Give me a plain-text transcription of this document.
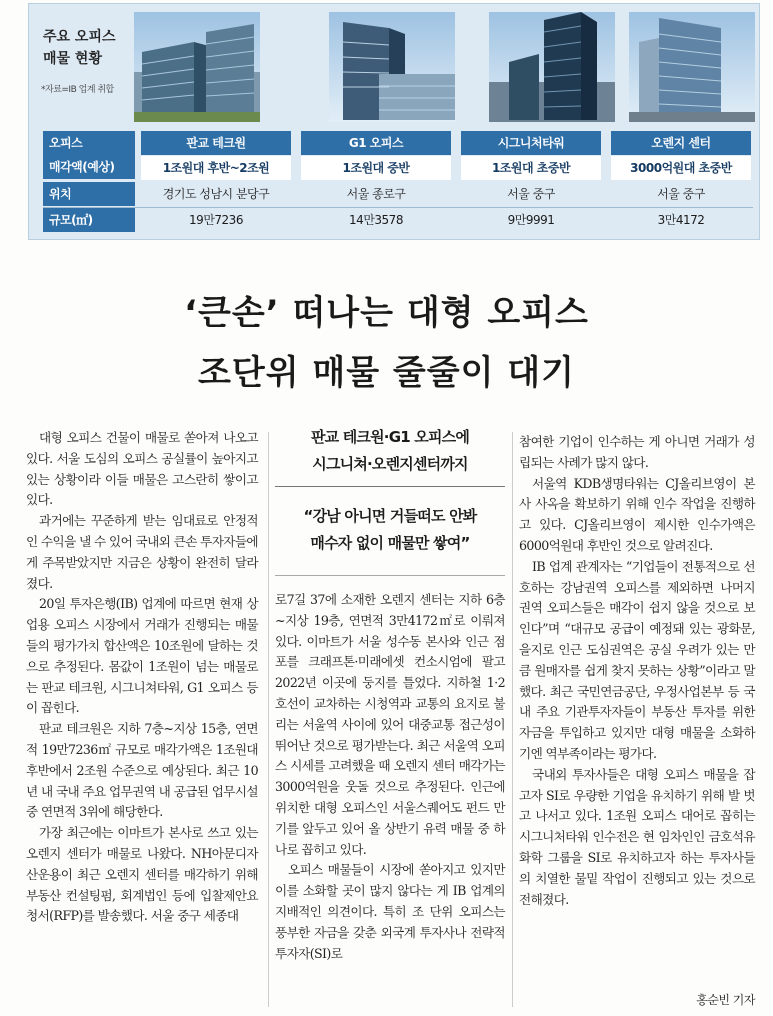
주요 오피스
매물 현황
*자료=IB 업계 취합
오피스
매각액(예상)
위치
규모(㎡)
판교 테크원	G1 오피스	시그니처타워	오렌지 센터
1조원대 후반~2조원	1조원대 중반	1조원대 초중반	3000억원대 초중반
경기도 성남시 분당구	서울 종로구	서울 중구	서울 중구
19만7236	14만3578	9만9991	3만4172
‘큰손’ 떠나는 대형 오피스
조단위 매물 줄줄이 대기

대형 오피스 건물이 매물로 쏟아져 나오고 있다. 서울 도심의 오피스 공실률이 높아지고 있는 상황이라 이들 매물은 고스란히 쌓이고 있다.

과거에는 꾸준하게 받는 임대료로 안정적인 수익을 낼 수 있어 국내외 큰손 투자자들에게 주목받았지만 지금은 상황이 완전히 달라졌다.

20일 투자은행(IB) 업계에 따르면 현재 상업용 오피스 시장에서 거래가 진행되는 매물들의 평가가치 합산액은 10조원에 달하는 것으로 추정된다. 몸값이 1조원이 넘는 매물로는 판교 테크원, 시그니쳐타워, G1 오피스 등이 꼽힌다.

판교 테크원은 지하 7층~지상 15층, 연면적 19만7236㎡ 규모로 매각가액은 1조원대 후반에서 2조원 수준으로 예상된다. 최근 10년 내 국내 주요 업무권역 내 공급된 업무시설 중 연면적 3위에 해당한다.

가장 최근에는 이마트가 본사로 쓰고 있는 오렌지 센터가 매물로 나왔다. NH아문디자산운용이 최근 오렌지 센터를 매각하기 위해 부동산 컨설팅펌, 회계법인 등에 입찰제안요청서(RFP)를 발송했다. 서울 중구 세종대

판교 테크원·G1 오피스에
시그니쳐·오렌지센터까지
“강남 아니면 거들떠도 안봐
매수자 없이 매물만 쌓여”

로7길 37에 소재한 오렌지 센터는 지하 6층~지상 19층, 연면적 3만4172㎡로 이뤄져 있다. 이마트가 서울 성수동 본사와 인근 점포를 크래프톤·미래에셋 컨소시엄에 팔고 2022년 이곳에 둥지를 틀었다. 지하철 1·2호선이 교차하는 시청역과 교통의 요지로 불리는 서울역 사이에 있어 대중교통 접근성이 뛰어난 것으로 평가받는다. 최근 서울역 오피스 시세를 고려했을 때 오렌지 센터 매각가는 3000억원을 웃돌 것으로 추정된다. 인근에 위치한 대형 오피스인 서울스퀘어도 펀드 만기를 앞두고 있어 올 상반기 유력 매물 중 하나로 꼽히고 있다.

오피스 매물들이 시장에 쏟아지고 있지만 이를 소화할 곳이 많지 않다는 게 IB 업계의 지배적인 의견이다. 특히 조 단위 오피스는 풍부한 자금을 갖춘 외국계 투자사나 전략적투자자(SI)로

참여한 기업이 인수하는 게 아니면 거래가 성립되는 사례가 많지 않다.

서울역 KDB생명타워는 CJ올리브영이 본사 사옥을 확보하기 위해 인수 작업을 진행하고 있다. CJ올리브영이 제시한 인수가액은 6000억원대 후반인 것으로 알려진다.

IB 업계 관계자는 “기업들이 전통적으로 선호하는 강남권역 오피스를 제외하면 나머지 권역 오피스들은 매각이 쉽지 않을 것으로 보인다”며 “대규모 공급이 예정돼 있는 광화문, 을지로 인근 도심권역은 공실 우려가 있는 만큼 원매자를 쉽게 찾지 못하는 상황”이라고 말했다. 최근 국민연금공단, 우정사업본부 등 국내 주요 기관투자자들이 부동산 투자를 위한 자금을 투입하고 있지만 대형 매물을 소화하기엔 역부족이라는 평가다.

국내외 투자사들은 대형 오피스 매물을 잡고자 SI로 우량한 기업을 유치하기 위해 발 벗고 나서고 있다. 1조원 오피스 대어로 꼽히는 시그니처타워 인수전은 현 임차인인 금호석유화학 그룹을 SI로 유치하고자 하는 투자사들의 치열한 물밑 작업이 진행되고 있는 것으로 전해졌다.

홍순빈 기자
